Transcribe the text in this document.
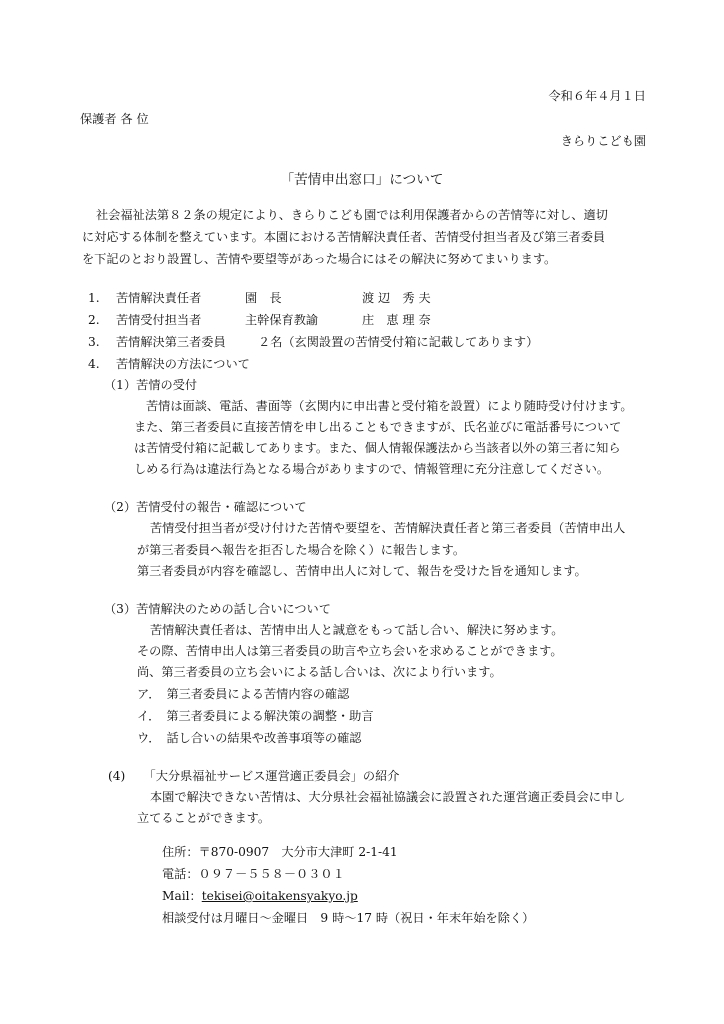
令和６年４月１日
保護者 各 位
きらりこども園
「苦情申出窓口」について
社会福祉法第８２条の規定により、きらりこども園では利用保護者からの苦情等に対し、適切
に対応する体制を整えています。本園における苦情解決責任者、苦情受付担当者及び第三者委員
を下記のとおり設置し、苦情や要望等があった場合にはその解決に努めてまいります。
1. 苦情解決責任者	園　長	渡 辺　秀 夫
2. 苦情受付担当者	主幹保育教諭	庄　恵 理 奈
3. 苦情解決第三者委員	２名（玄関設置の苦情受付箱に記載してあります）
4. 苦情解決の方法について
（1）苦情の受付
苦情は面談、電話、書面等（玄関内に申出書と受付箱を設置）により随時受け付けます。
また、第三者委員に直接苦情を申し出ることもできますが、氏名並びに電話番号について
は苦情受付箱に記載してあります。また、個人情報保護法から当該者以外の第三者に知ら
しめる行為は違法行為となる場合がありますので、情報管理に充分注意してください。
（2）苦情受付の報告・確認について
苦情受付担当者が受け付けた苦情や要望を、苦情解決責任者と第三者委員（苦情申出人
が第三者委員へ報告を拒否した場合を除く）に報告します。
第三者委員が内容を確認し、苦情申出人に対して、報告を受けた旨を通知します。
（3）苦情解決のための話し合いについて
苦情解決責任者は、苦情申出人と誠意をもって話し合い、解決に努めます。
その際、苦情申出人は第三者委員の助言や立ち会いを求めることができます。
尚、第三者委員の立ち会いによる話し合いは、次により行います。
ア．　第三者委員による苦情内容の確認
イ．　第三者委員による解決策の調整・助言
ウ．　話し合いの結果や改善事項等の確認
(4)　　「大分県福祉サービス運営適正委員会」の紹介
本園で解決できない苦情は、大分県社会福祉協議会に設置された運営適正委員会に申し
立てることができます。
住所：〒870-0907　大分市大津町 2-1-41
電話：０９７－５５８－０３０１
Mail：tekisei@oitakensyakyo.jp
相談受付は月曜日～金曜日　9 時～17 時（祝日・年末年始を除く）
